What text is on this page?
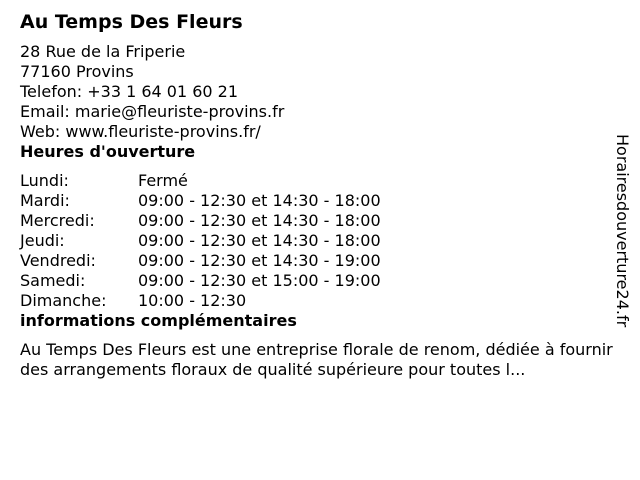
Au Temps Des Fleurs
28 Rue de la Friperie
77160 Provins
Telefon: +33 1 64 01 60 21
Email: marie@fleuriste-provins.fr
Web: www.fleuriste-provins.fr/
Heures d'ouverture
Lundi:	Fermé
Mardi:	09:00 - 12:30 et 14:30 - 18:00
Mercredi:	09:00 - 12:30 et 14:30 - 18:00
Jeudi:	09:00 - 12:30 et 14:30 - 18:00
Vendredi:	09:00 - 12:30 et 14:30 - 19:00
Samedi:	09:00 - 12:30 et 15:00 - 19:00
Dimanche:	10:00 - 12:30
informations complémentaires
Au Temps Des Fleurs est une entreprise florale de renom, dédiée à fournir des arrangements floraux de qualité supérieure pour toutes l...
Horairesdouverture24.fr
